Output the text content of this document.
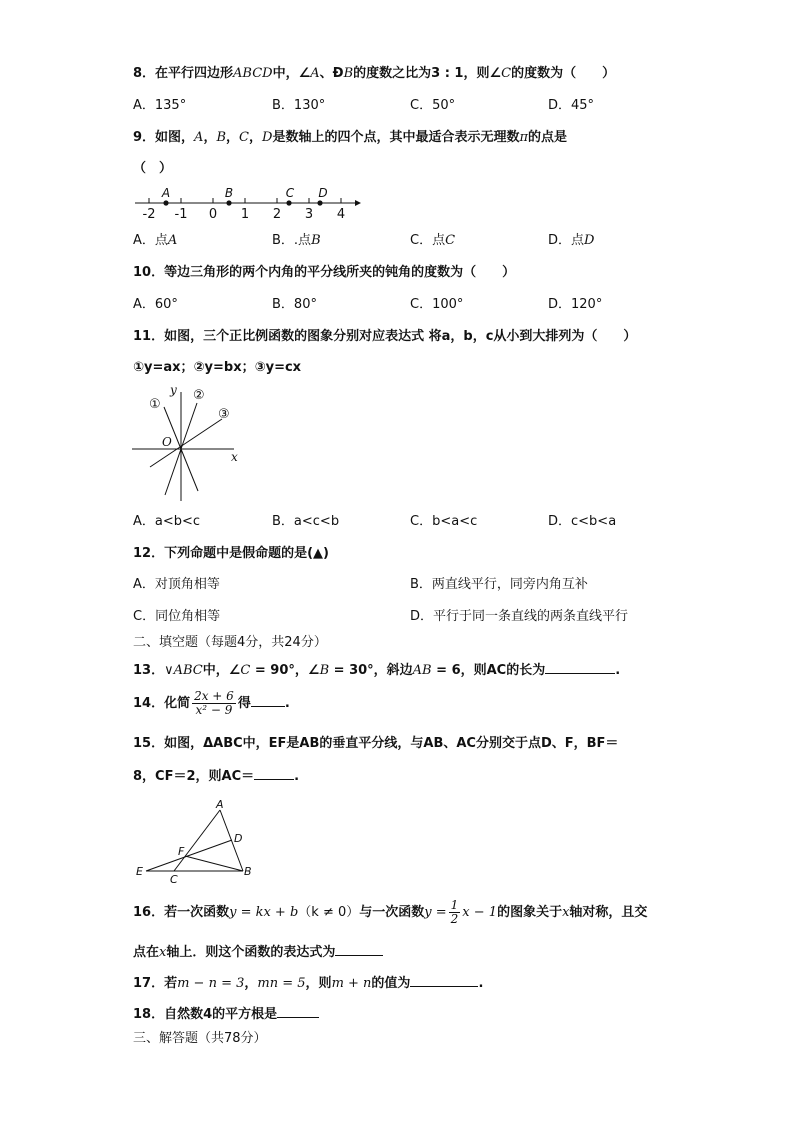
8．在平行四边形ABCD中，∠A、ÐB的度数之比为3 : 1，则∠C的度数为（　　）
A．135°	B．130°	C．50°	D．45°
9．如图，A，B，C，D是数轴上的四个点，其中最适合表示无理数π的点是
（　）
-2 -1 0 1 2 3 4
A	B	C D
A．点A	B．.点B	C．点C	D．点D
10．等边三角形的两个内角的平分线所夹的钝角的度数为（　　）
A．60°	B．80°	C．100°	D．120°
11．如图，三个正比例函数的图象分别对应表达式 将a，b，c从小到大排列为（　　）
①y=ax；②y=bx；③y=cx
y
x
O
①
②
③
A．a<b<c	B．a<c<b	C．b<a<c	D．c<b<a
12．下列命题中是假命题的是(▲)
A．对顶角相等	B．两直线平行，同旁内角互补
C．同位角相等	D．平行于同一条直线的两条直线平行
二、填空题（每题4分，共24分）
13．∨ABC中，∠C = 90°，∠B = 30°，斜边AB = 6，则AC的长为	.
14．化简 $\frac{2x + 6}{\text{x² − 9}}$ 得	.
15．如图，ΔABC中，EF是AB的垂直平分线，与AB、AC分别交于点D、F，BF＝
8，CF＝2，则AC＝	.
A
D
F
E
C
B
16．若一次函数y = kx + b（k ≠ 0）与一次函数$y = \frac{1}{2}$ x − 1的图象关于x轴对称，且交
点在x轴上．则这个函数的表达式为
17．若m − n = 3，mn = 5，则m + n的值为	.
18．自然数4的平方根是
三、解答题（共78分）
